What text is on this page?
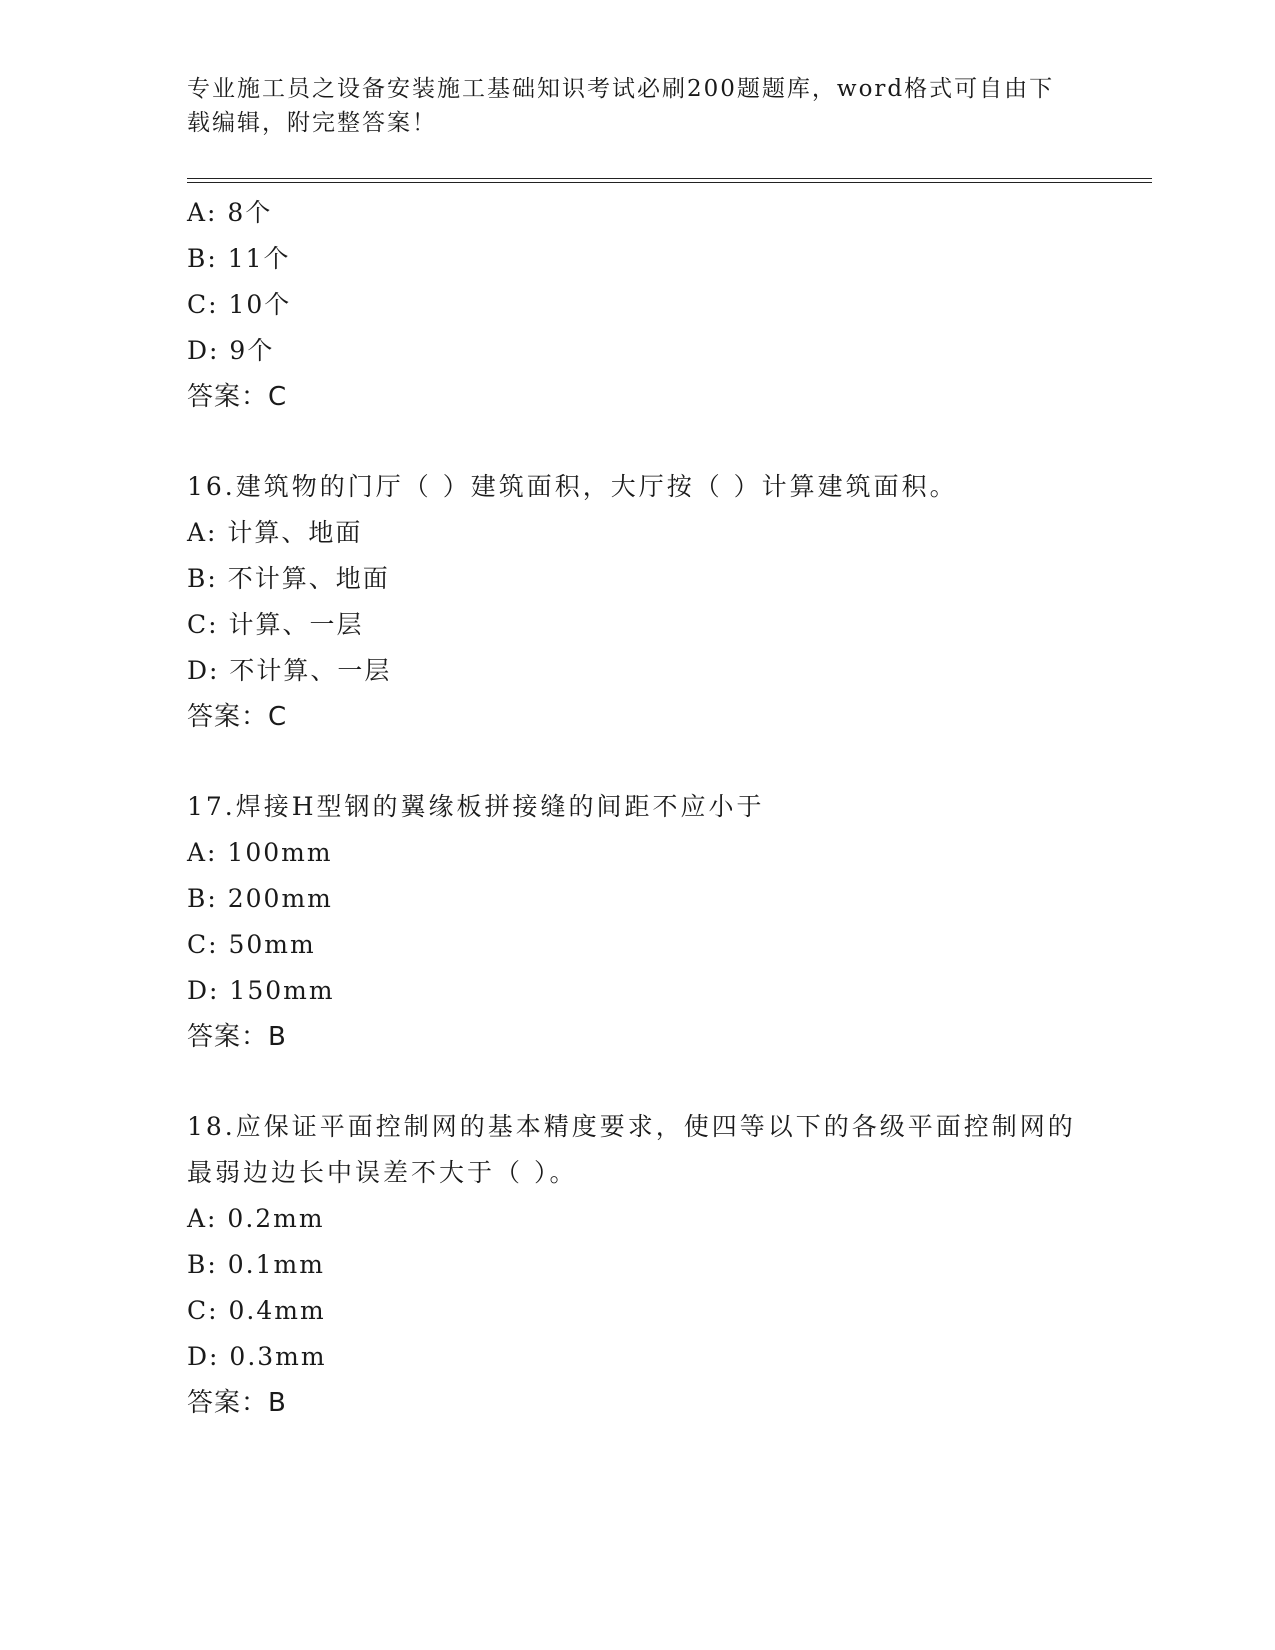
专业施工员之设备安装施工基础知识考试必刷200题题库，word格式可自由下载编辑，附完整答案！
A: 8个
B: 11个
C: 10个
D: 9个
答案：C
16.建筑物的门厅（ ）建筑面积，大厅按（ ）计算建筑面积。
A: 计算、地面
B: 不计算、地面
C: 计算、一层
D: 不计算、一层
答案：C
17.焊接H型钢的翼缘板拼接缝的间距不应小于
A: 100mm
B: 200mm
C: 50mm
D: 150mm
答案：B
18.应保证平面控制网的基本精度要求，使四等以下的各级平面控制网的最弱边边长中误差不大于（ ）。
A: 0.2mm
B: 0.1mm
C: 0.4mm
D: 0.3mm
答案：B
